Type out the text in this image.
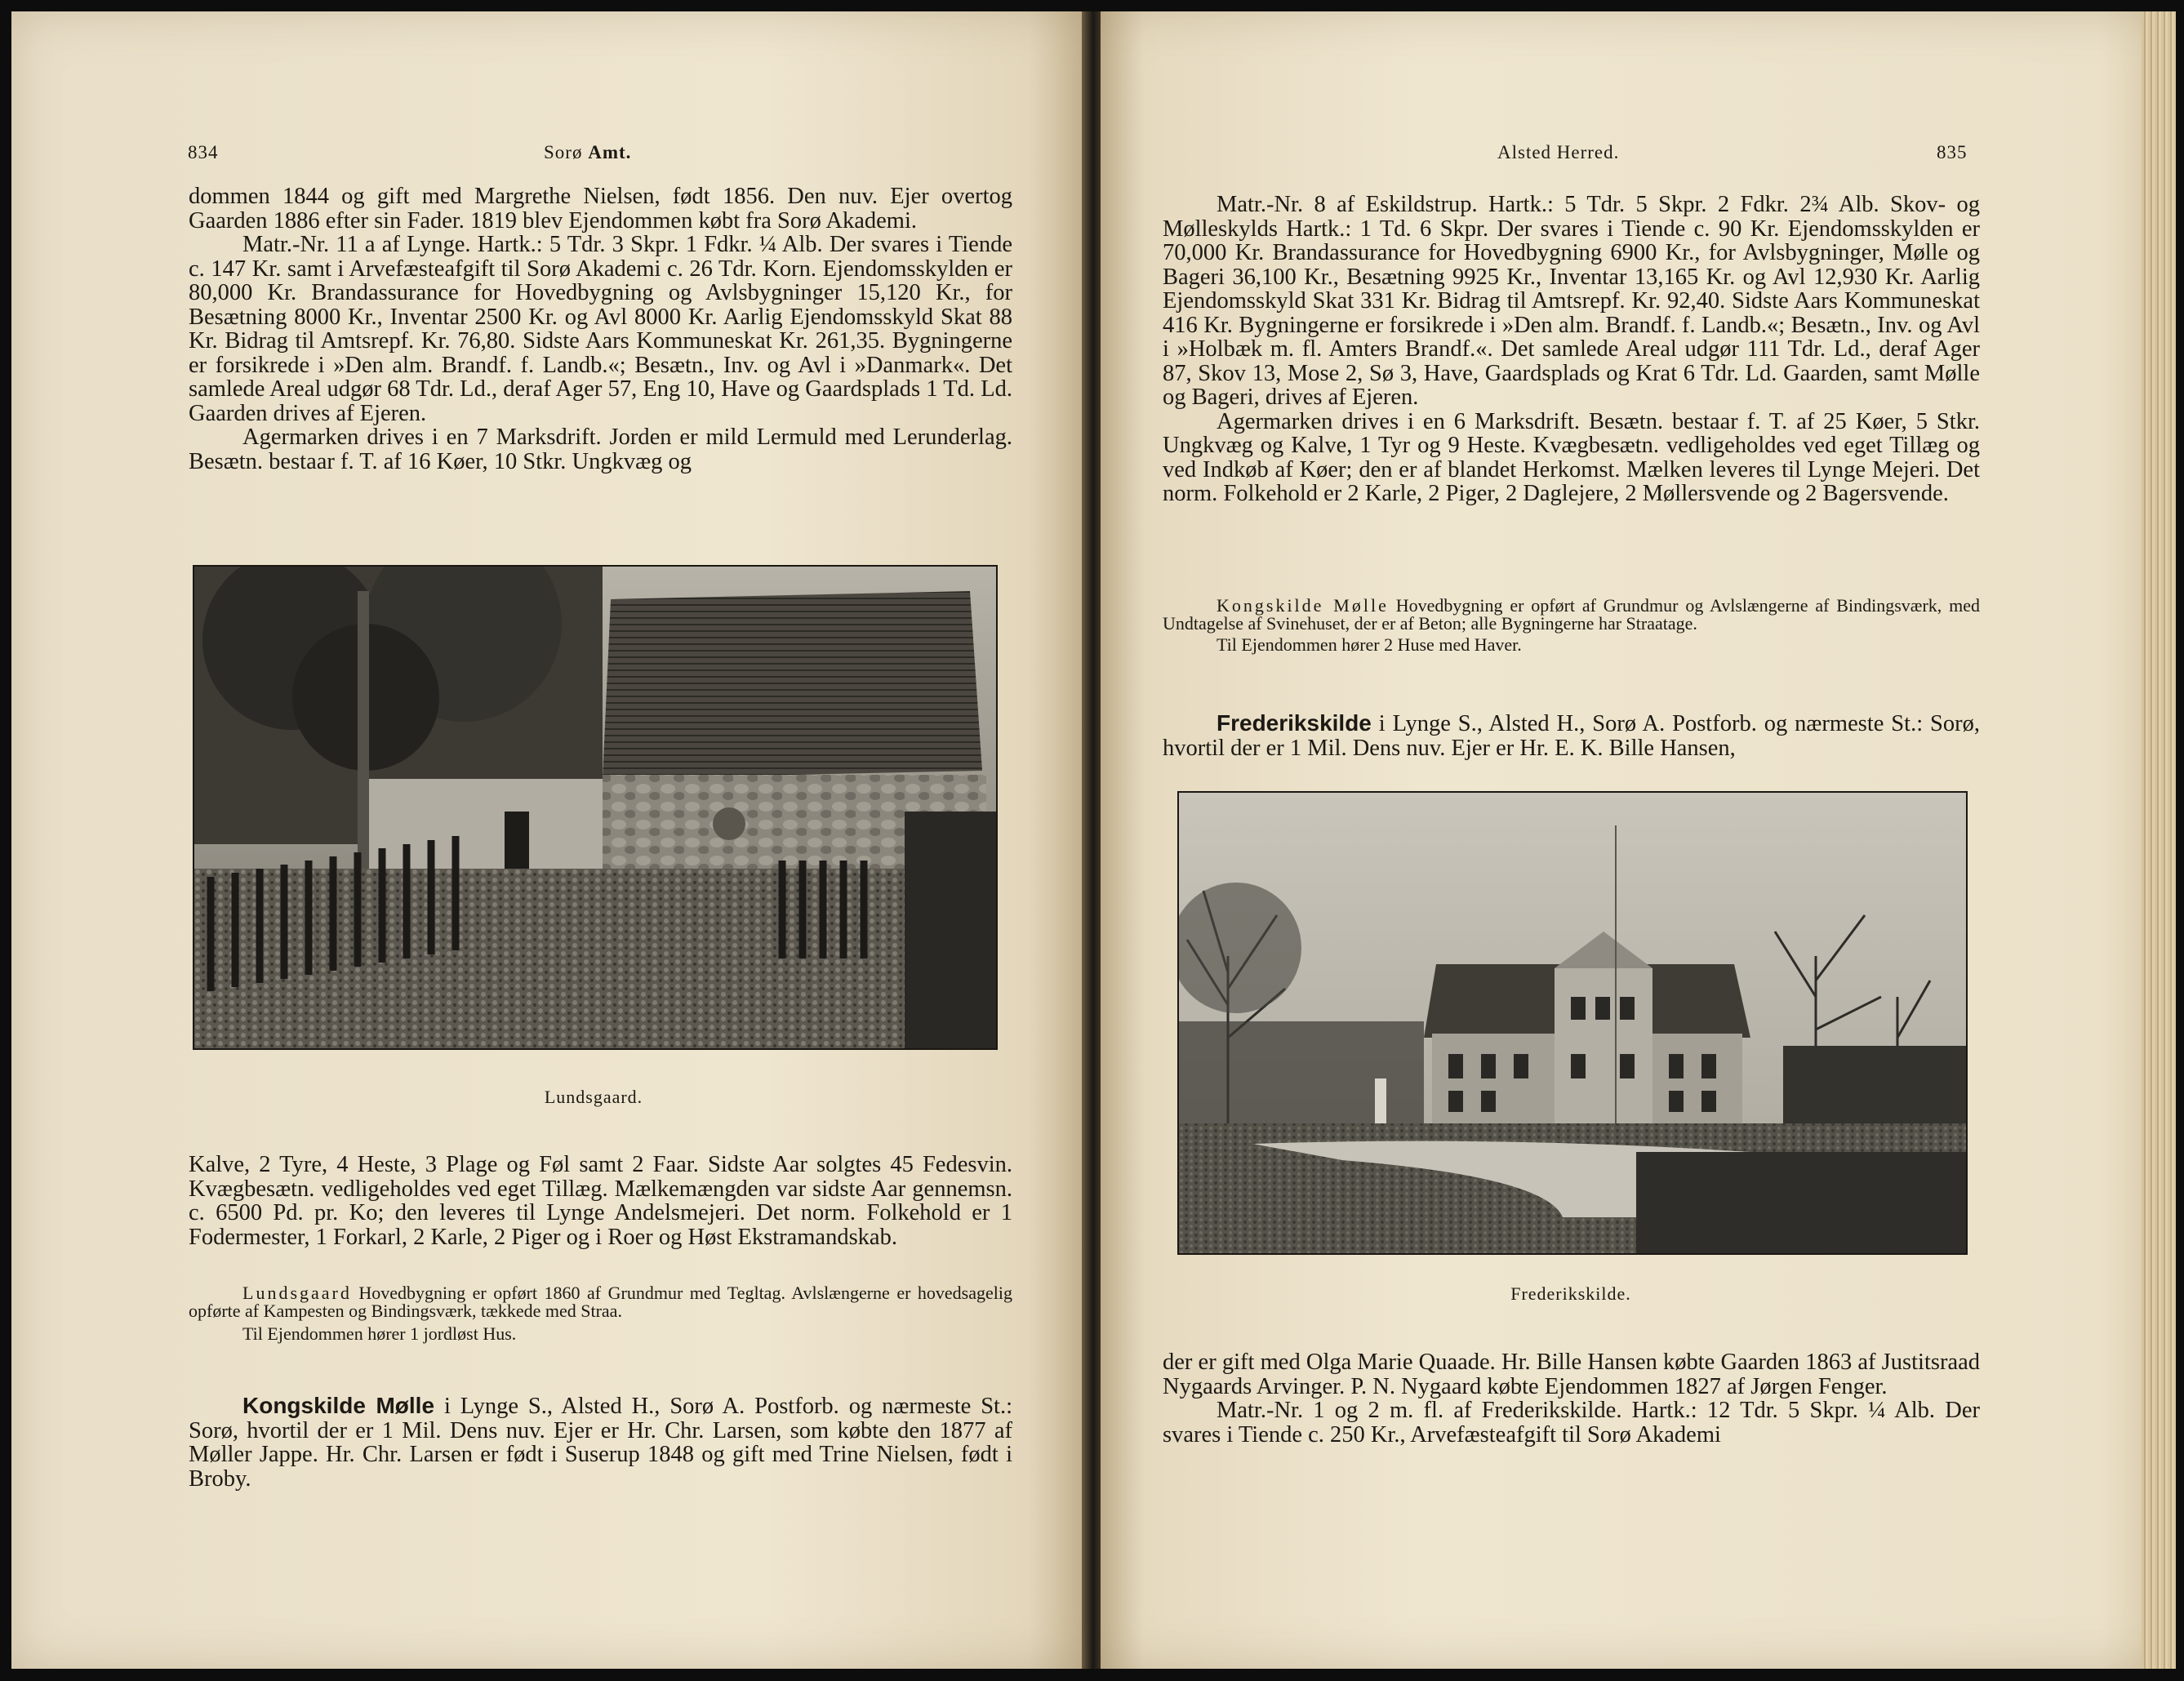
834	Sorø Amt.

dommen 1844 og gift med Margrethe Nielsen, født 1856. Den nuv. Ejer overtog Gaarden 1886 efter sin Fader. 1819 blev Ejendommen købt fra Sorø Akademi.

Matr.-Nr. 11 a af Lynge. Hartk.: 5 Tdr. 3 Skpr. 1 Fdkr. ¼ Alb. Der svares i Tiende c. 147 Kr. samt i Arvefæsteafgift til Sorø Akademi c. 26 Tdr. Korn. Ejendomsskylden er 80,000 Kr. Brandassurance for Hovedbygning og Avlsbygninger 15,120 Kr., for Besætning 8000 Kr., Inventar 2500 Kr. og Avl 8000 Kr. Aarlig Ejendomsskyld Skat 88 Kr. Bidrag til Amtsrepf. Kr. 76,80. Sidste Aars Kommuneskat Kr. 261,35. Bygningerne er forsikrede i »Den alm. Brandf. f. Landb.«; Besætn., Inv. og Avl i »Danmark«. Det samlede Areal udgør 68 Tdr. Ld., deraf Ager 57, Eng 10, Have og Gaardsplads 1 Td. Ld. Gaarden drives af Ejeren.

Agermarken drives i en 7 Marksdrift. Jorden er mild Lermuld med Lerunderlag. Besætn. bestaar f. T. af 16 Køer, 10 Stkr. Ungkvæg og

Lundsgaard.

Kalve, 2 Tyre, 4 Heste, 3 Plage og Føl samt 2 Faar. Sidste Aar solgtes 45 Fedesvin. Kvægbesætn. vedligeholdes ved eget Tillæg. Mælkemængden var sidste Aar gennemsn. c. 6500 Pd. pr. Ko; den leveres til Lynge Andelsmejeri. Det norm. Folkehold er 1 Fodermester, 1 Forkarl, 2 Karle, 2 Piger og i Roer og Høst Ekstramandskab.

Lundsgaard Hovedbygning er opført 1860 af Grundmur med Tegltag. Avlslængerne er hovedsagelig opførte af Kampesten og Bindingsværk, tækkede med Straa.

Til Ejendommen hører 1 jordløst Hus.

Kongskilde Mølle i Lynge S., Alsted H., Sorø A. Postforb. og nærmeste St.: Sorø, hvortil der er 1 Mil. Dens nuv. Ejer er Hr. Chr. Larsen, som købte den 1877 af Møller Jappe. Hr. Chr. Larsen er født i Suserup 1848 og gift med Trine Nielsen, født i Broby.

Alsted Herred.	835

Matr.-Nr. 8 af Eskildstrup. Hartk.: 5 Tdr. 5 Skpr. 2 Fdkr. 2¾ Alb. Skov- og Mølleskylds Hartk.: 1 Td. 6 Skpr. Der svares i Tiende c. 90 Kr. Ejendomsskylden er 70,000 Kr. Brandassurance for Hovedbygning 6900 Kr., for Avlsbygninger, Mølle og Bageri 36,100 Kr., Besætning 9925 Kr., Inventar 13,165 Kr. og Avl 12,930 Kr. Aarlig Ejendomsskyld Skat 331 Kr. Bidrag til Amtsrepf. Kr. 92,40. Sidste Aars Kommuneskat 416 Kr. Bygningerne er forsikrede i »Den alm. Brandf. f. Landb.«; Besætn., Inv. og Avl i »Holbæk m. fl. Amters Brandf.«. Det samlede Areal udgør 111 Tdr. Ld., deraf Ager 87, Skov 13, Mose 2, Sø 3, Have, Gaardsplads og Krat 6 Tdr. Ld. Gaarden, samt Mølle og Bageri, drives af Ejeren.

Agermarken drives i en 6 Marksdrift. Besætn. bestaar f. T. af 25 Køer, 5 Stkr. Ungkvæg og Kalve, 1 Tyr og 9 Heste. Kvægbesætn. vedligeholdes ved eget Tillæg og ved Indkøb af Køer; den er af blandet Herkomst. Mælken leveres til Lynge Mejeri. Det norm. Folkehold er 2 Karle, 2 Piger, 2 Daglejere, 2 Møllersvende og 2 Bagersvende.

Kongskilde Mølle Hovedbygning er opført af Grundmur og Avlslængerne af Bindingsværk, med Undtagelse af Svinehuset, der er af Beton; alle Bygningerne har Straatage.

Til Ejendommen hører 2 Huse med Haver.

Frederikskilde i Lynge S., Alsted H., Sorø A. Postforb. og nærmeste St.: Sorø, hvortil der er 1 Mil. Dens nuv. Ejer er Hr. E. K. Bille Hansen,

Frederikskilde.

der er gift med Olga Marie Quaade. Hr. Bille Hansen købte Gaarden 1863 af Justitsraad Nygaards Arvinger. P. N. Nygaard købte Ejendommen 1827 af Jørgen Fenger.

Matr.-Nr. 1 og 2 m. fl. af Frederikskilde. Hartk.: 12 Tdr. 5 Skpr. ¼ Alb. Der svares i Tiende c. 250 Kr., Arvefæsteafgift til Sorø Akademi
